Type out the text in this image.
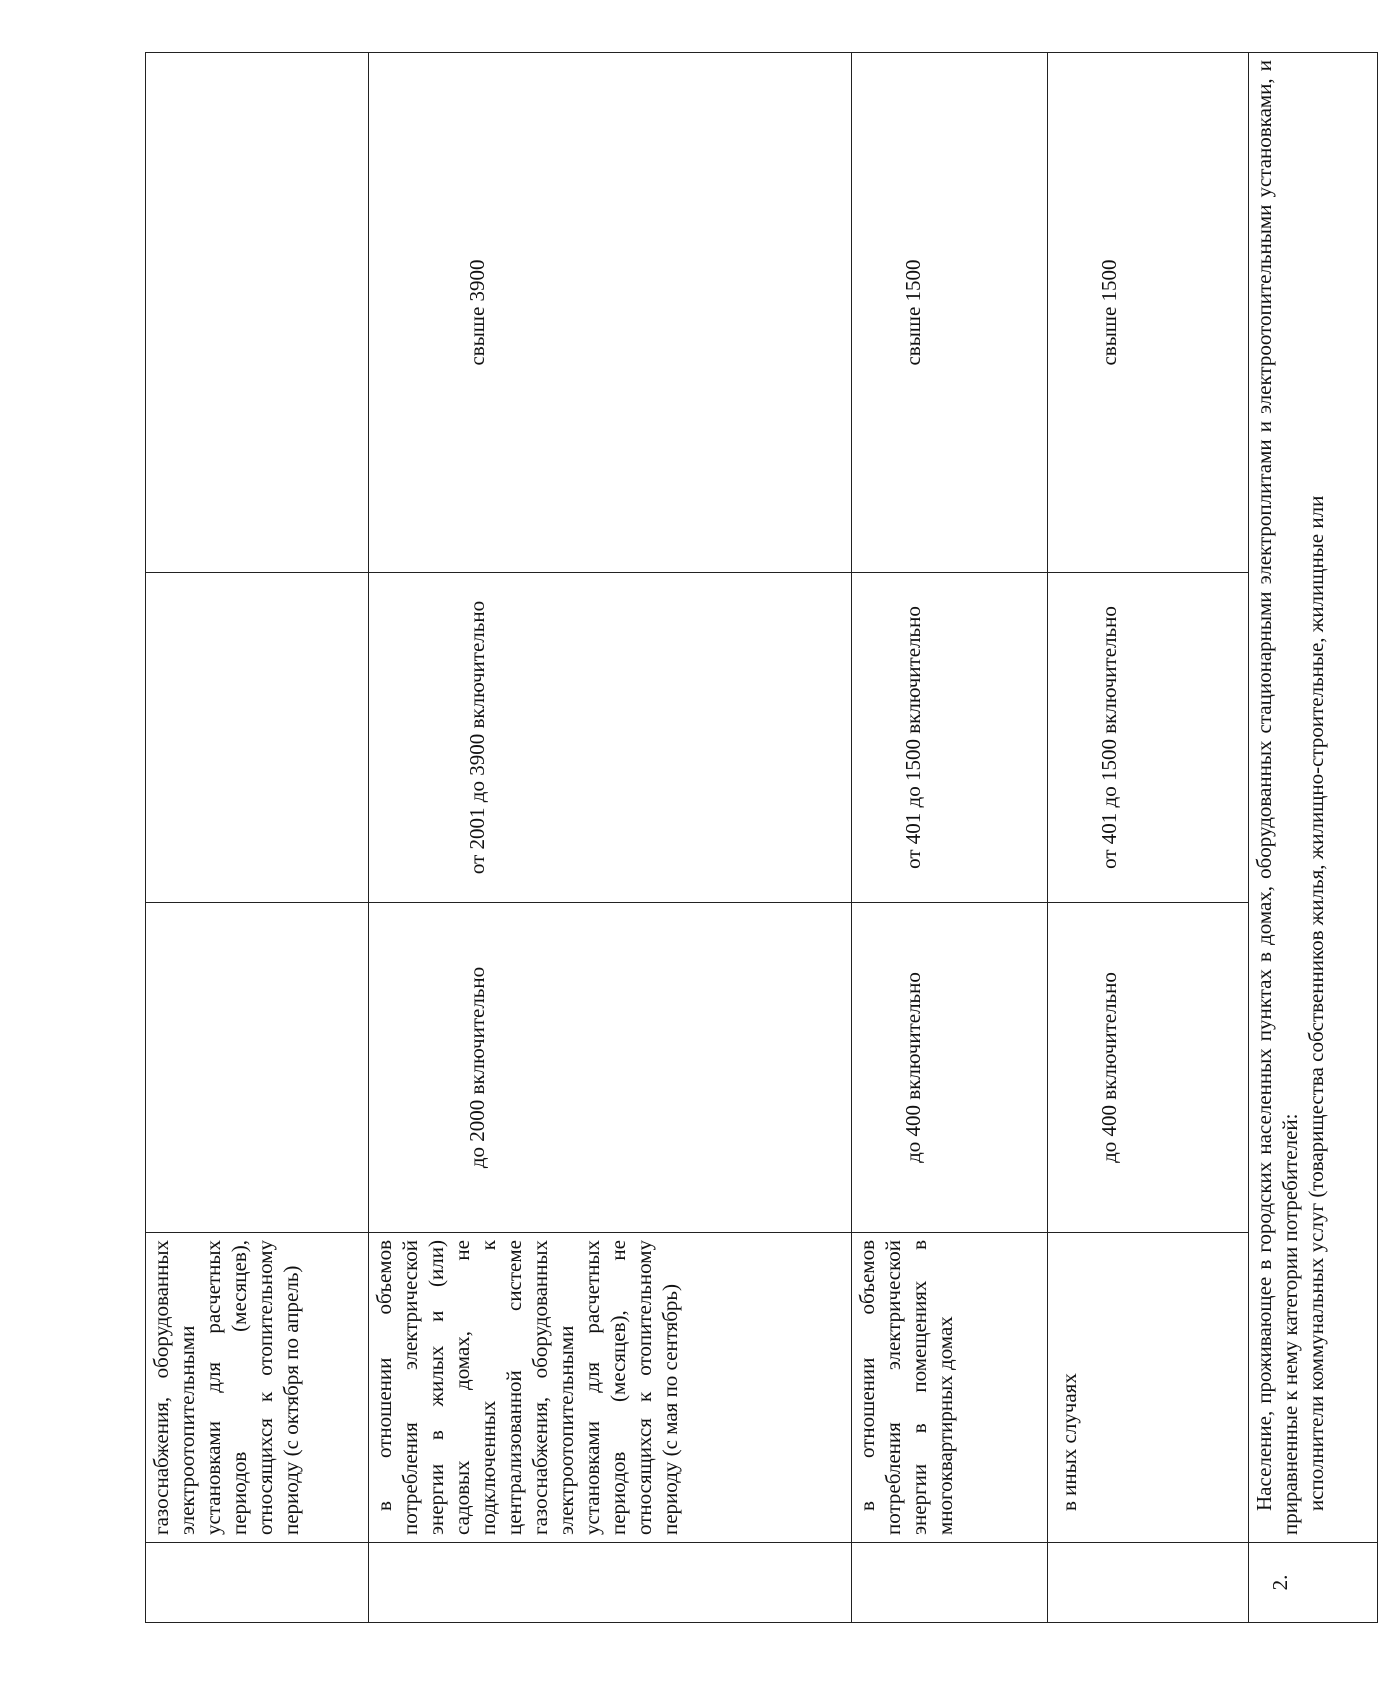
	газоснабжения, оборудованных электроотопительными установками для расчетных периодов (месяцев), относящихся к отопительному периоду (с октября по апрель)			

	в отношении объемов потребления электрической энергии в жилых и (или) садовых домах, не подключенных к централизованной системе газоснабжения, оборудованных электроотопительными установками для расчетных периодов (месяцев), не относящихся к отопительному периоду (с мая по сентябрь)	до 2000 включительно	от 2001 до 3900 включительно	свыше 3900

	в отношении объемов потребления электрической энергии в помещениях в многоквартирных домах	до 400 включительно	от 401 до 1500 включительно	свыше 1500

	в иных случаях	до 400 включительно	от 401 до 1500 включительно	свыше 1500
2.	Население, проживающее в городских населенных пунктах в домах, оборудованных стационарными электроплитами и электроотопительными установками, и приравненные к нему категории потребителей: исполнители коммунальных услуг (товарищества собственников жилья, жилищно-строительные, жилищные или			
